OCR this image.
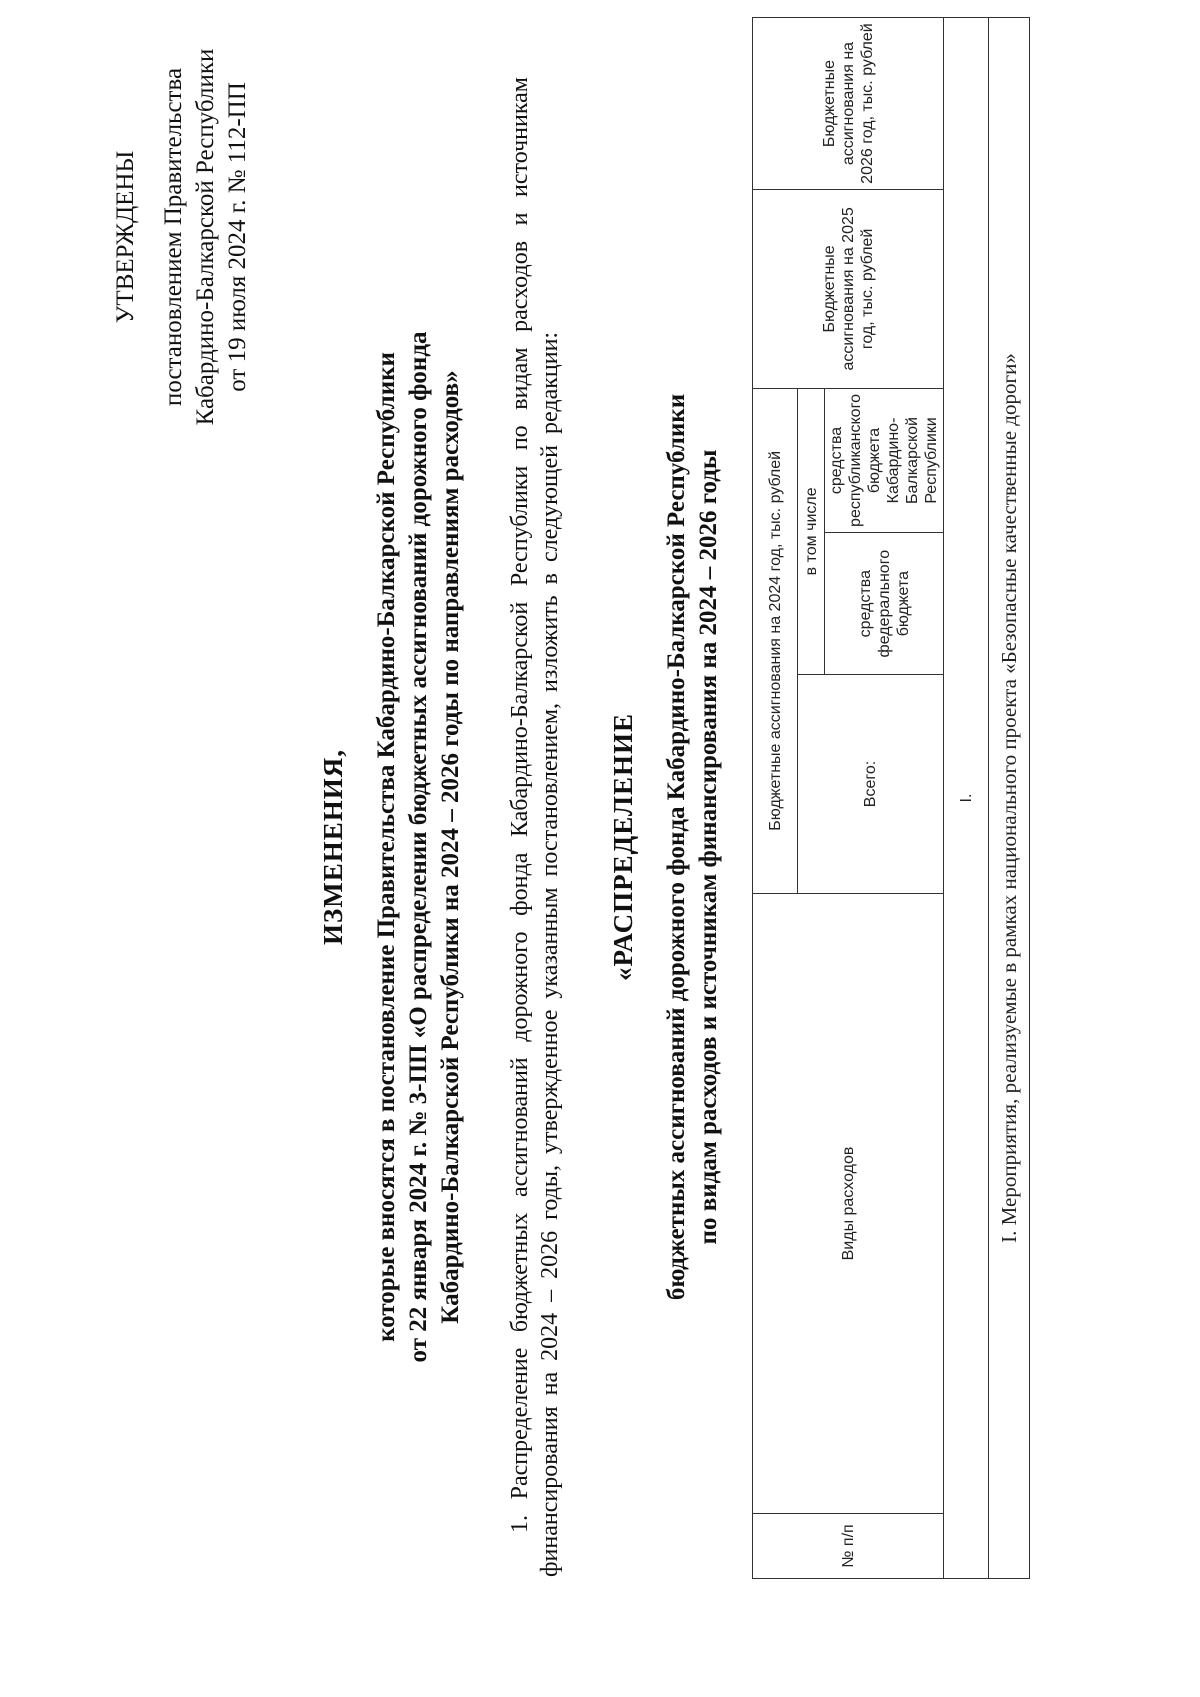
УТВЕРЖДЕНЫ постановлением Правительства Кабардино-Балкарской Республики от 19 июля 2024 г. № 112-ПП
ИЗМЕНЕНИЯ, которые вносятся в постановление Правительства Кабардино-Балкарской Республики от 22 января 2024 г. № 3-ПП «О распределении бюджетных ассигнований дорожного фонда Кабардино-Балкарской Республики на 2024 – 2026 годы по направлениям расходов» 1. Распределение бюджетных ассигнований дорожного фонда Кабардино-Балкарской Республики по видам расходов и источникам финансирования на 2024 – 2026 годы, утвержденное указанным постановлением, изложить в следующей редакции: «РАСПРЕДЕЛЕНИЕ бюджетных ассигнований дорожного фонда Кабардино-Балкарской Республики по видам расходов и источникам финансирования на 2024 – 2026 годы
№ п/п	Виды расходов	Бюджетные ассигнования на 2024 год, тыс. рублей			Бюджетные ассигнования на 2025 год, тыс. рублей	Бюджетные ассигнования на 2026 год, тыс. рублей
		Всего:	в том числе			
			средства федерального бюджета	средства республиканского бюджета Кабардино-Балкарской Республики		
I.						
I. Мероприятия, реализуемые в рамках национального проекта «Безопасные качественные дороги»						
